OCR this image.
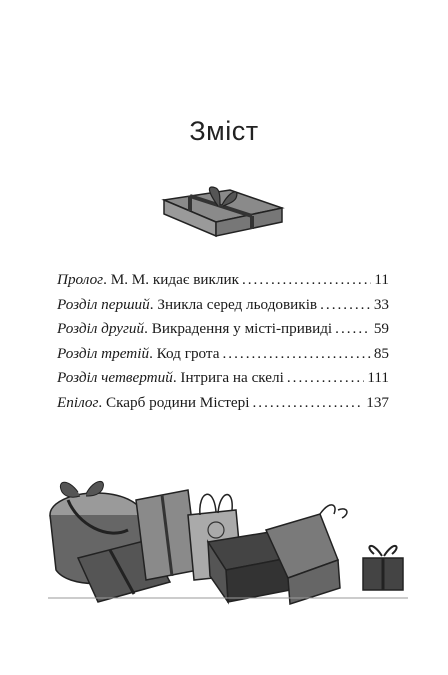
Зміст
Пролог . М. М. кидає виклик .....	11
Розділ перший . Зникла серед льодовиків .....	33
Розділ другий . Викрадення у місті-привиді .....	59
Розділ третій . Код грота .....	85
Розділ четвертий . Інтрига на скелі .....	111
Епілог . Скарб родини Містері .....	137
